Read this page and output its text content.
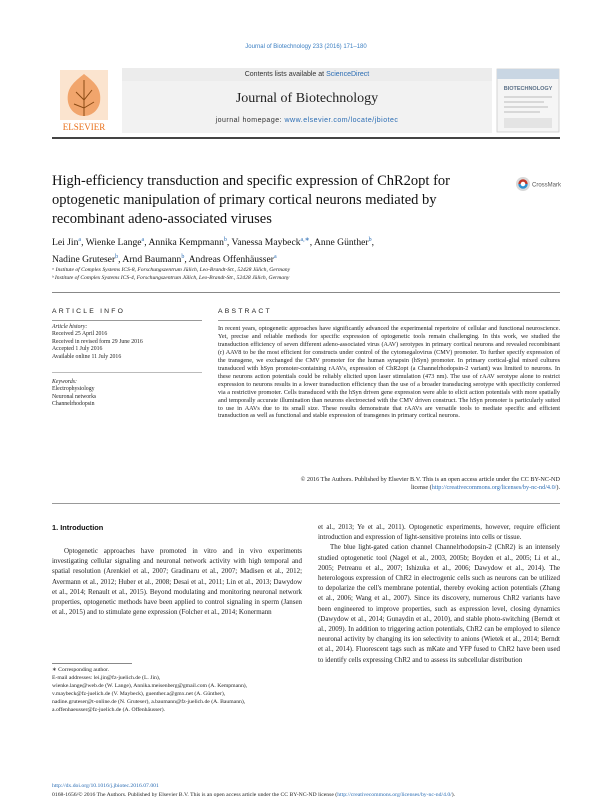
Journal of Biotechnology 233 (2016) 171–180
ELSEVIER
Contents lists available at ScienceDirect
Journal of Biotechnology
journal homepage: www.elsevier.com/locate/jbiotec
BIOTECHNOLOGY
High-efficiency transduction and specific expression of ChR2opt for optogenetic manipulation of primary cortical neurons mediated by recombinant adeno-associated viruses
CrossMark
Lei Jin$^a$, Wienke Lange$^a$, Annika Kempmann$^b$, Vanessa Maybeck$^{a,∗}$, Anne Günther$^b$,
Nadine Gruteser$^b$, Arnd Baumann$^b$, Andreas Offenhäusser$^a$
ᵃ Institute of Complex Systems ICS-8, Forschungszentrum Jülich, Leo-Brandt-Str., 52428 Jülich, Germany
ᵇ Institute of Complex Systems ICS-4, Forschungszentrum Jülich, Leo-Brandt-Str., 52428 Jülich, Germany
ARTICLE INFO	ABSTRACT
Article history:
Received 25 April 2016
Received in revised form 29 June 2016
Accepted 1 July 2016
Available online 11 July 2016
Keywords:
Electrophysiology
Neuronal networks
Channelrhodopsin
In recent years, optogenetic approaches have significantly advanced the experimental repertoire of cellular and functional neuroscience. Yet, precise and reliable methods for specific expression of optogenetic tools remain challenging. In this work, we studied the transduction efficiency of seven different adeno-associated virus (AAV) serotypes in primary cortical neurons and revealed recombinant (r) AAV8 to be the most efficient for constructs under control of the cytomegalovirus (CMV) promoter. To further specify expression of the transgene, we exchanged the CMV promoter for the human synapsin (hSyn) promoter. In primary cortical-glial mixed cultures transduced with hSyn promoter-containing rAAVs, expression of ChR2opt (a Channelrhodopsin-2 variant) was limited to neurons. In these neurons action potentials could be reliably elicited upon laser stimulation (473 nm). The use of rAAV serotype alone to restrict expression to neurons results in a lower transduction efficiency than the use of a broader transducing serotype with specificity conferred via a restrictive promoter. Cells transduced with the hSyn driven gene expression were able to elicit action potentials with more spatially and temporally accurate illumination than neurons electroected with the CMV driven construct. The hSyn promoter is particularly suited to use in AAVs due to its small size. These results demonstrate that rAAVs are versatile tools to mediate specific and efficient transduction as well as functional and stable expression of transgenes in primary cortical neurons.
© 2016 The Authors. Published by Elsevier B.V. This is an open access article under the CC BY-NC-ND
license (http://creativecommons.org/licenses/by-nc-nd/4.0/).
1. Introduction

Optogenetic approaches have promoted in vitro and in vivo experiments investigating cellular signaling and neuronal network activity with high temporal and spatial resolution (Arenkiel et al., 2007; Gradinaru et al., 2007; Madisen et al., 2012; Avermann et al., 2012; Huber et al., 2008; Desai et al., 2011; Lin et al., 2013; Dawydow et al., 2014; Renault et al., 2015). Beyond modulating and monitoring neuronal network properties, optogenetic methods have been applied to control signaling in sperm (Jansen et al., 2015) and to stimulate gene expression (Folcher et al., 2014; Konermann

et al., 2013; Ye et al., 2011). Optogenetic experiments, however, require efficient introduction and expression of light-sensitive proteins into cells or tissue.

The blue light-gated cation channel Channelrhodopsin-2 (ChR2) is an intensely studied optogenetic tool (Nagel et al., 2003, 2005b; Boyden et al., 2005; Li et al., 2005; Petreanu et al., 2007; Ishizuka et al., 2006; Dawydow et al., 2014). The heterologous expression of ChR2 in electrogenic cells such as neurons can be utilized to depolarize the cell's membrane potential, thereby evoking action potentials (Zhang et al., 2006; Wang et al., 2007). Since its discovery, numerous ChR2 variants have been engineered to improve properties, such as expression level, closing dynamics (Dawydow et al., 2014; Gunaydin et al., 2010), and stable photo-switching (Berndt et al., 2009). In addition to triggering action potentials, ChR2 can be employed to silence neuronal activity by changing its ion selectivity to anions (Wietek et al., 2014; Berndt et al., 2014). Fluorescent tags such as mKate and YFP fused to ChR2 have been used to identify cells expressing ChR2 and to assess its subcellular distribution

∗ Corresponding author.
E-mail addresses: lei.jin@fz-juelich.de (L. Jin),
wienke.lange@web.de (W. Lange), Annika.meisenberg@gmail.com (A. Kempmann),
v.maybeck@fz-juelich.de (V. Maybeck), guenther.a@gmx.net (A. Günther),
nadine.gruteser@t-online.de (N. Gruteser), a.baumann@fz-juelich.de (A. Baumann),
a.offenhaeusser@fz-juelich.de (A. Offenhäusser).
http://dx.doi.org/10.1016/j.jbiotec.2016.07.001
0168-1656/© 2016 The Authors. Published by Elsevier B.V. This is an open access article under the CC BY-NC-ND license (http://creativecommons.org/licenses/by-nc-nd/4.0/).
